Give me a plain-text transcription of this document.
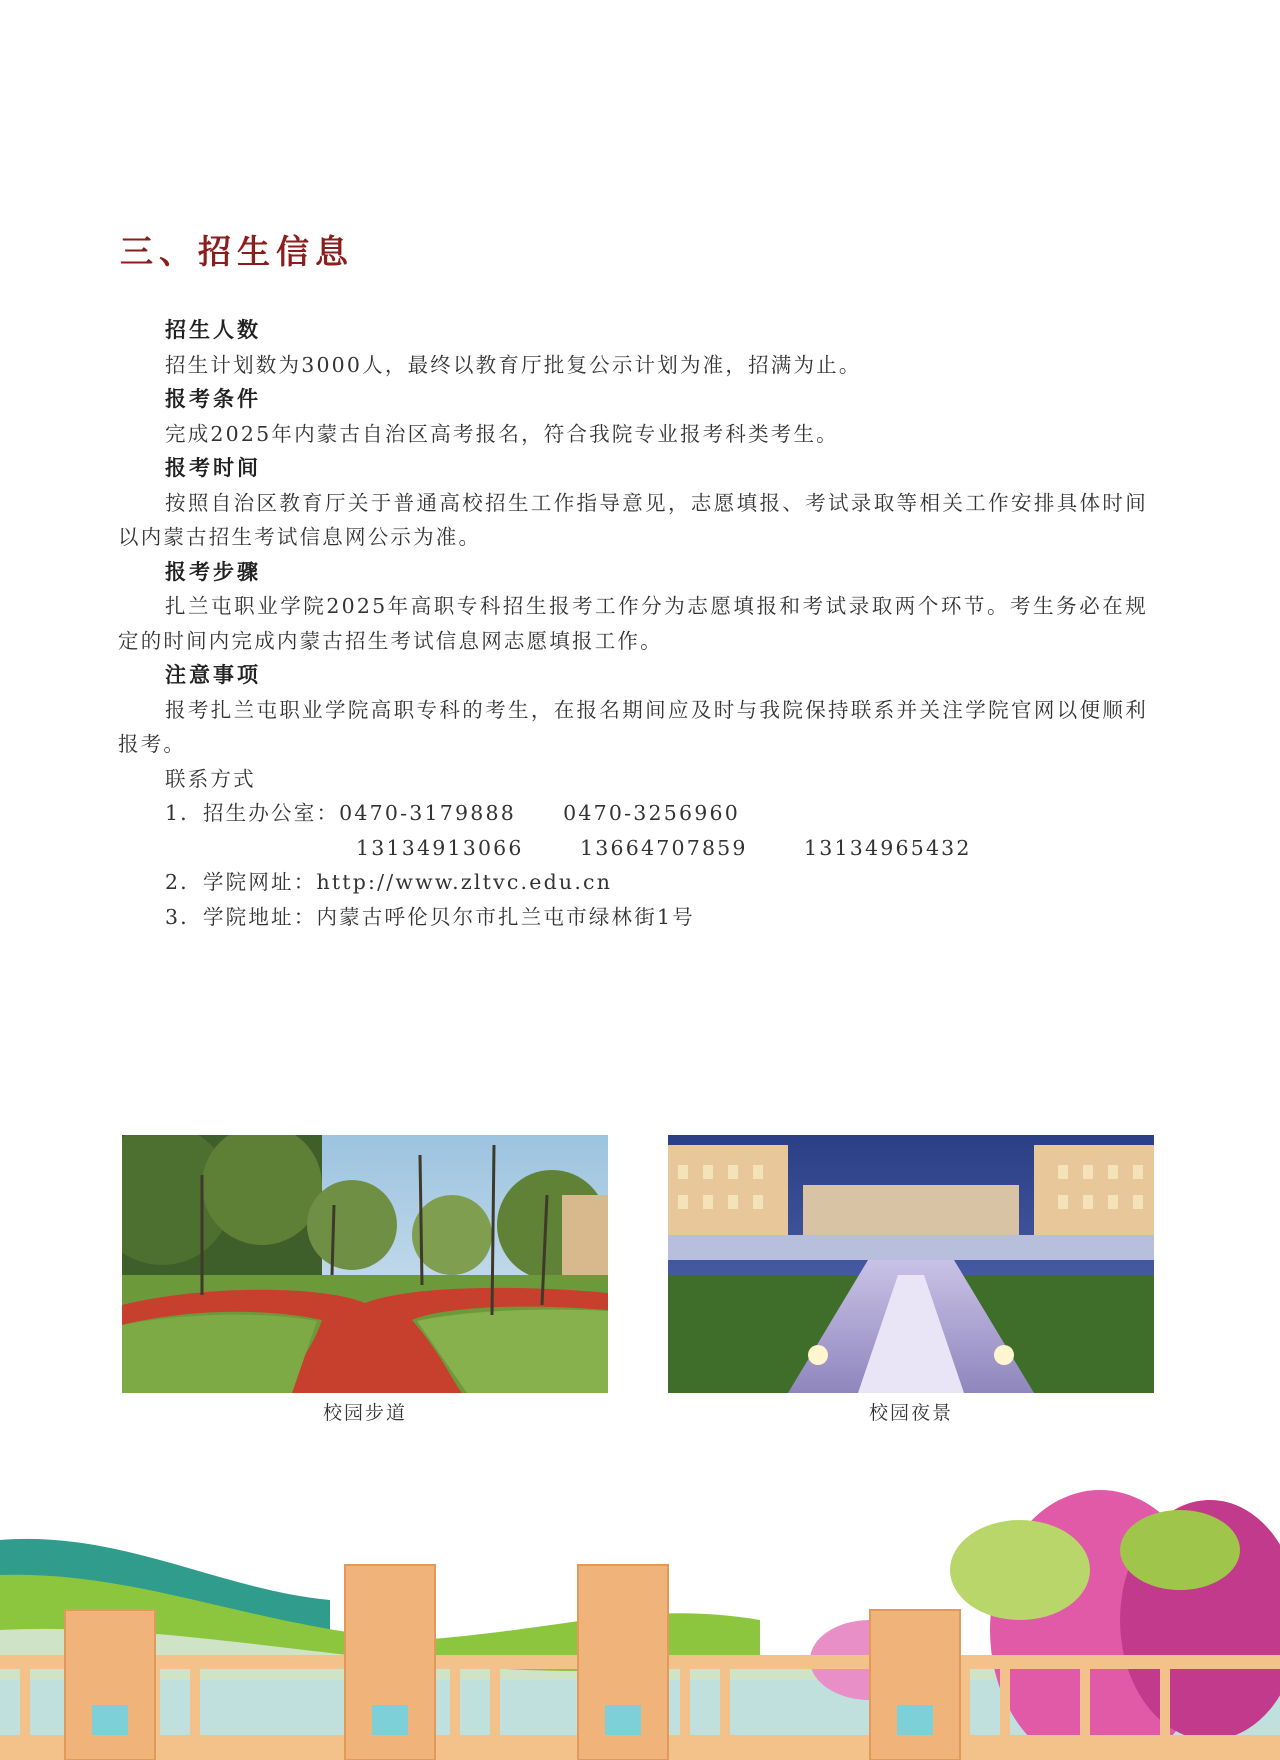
三、招生信息
招生人数

招生计划数为3000人，最终以教育厅批复公示计划为准，招满为止。

报考条件

完成2025年内蒙古自治区高考报名，符合我院专业报考科类考生。

报考时间

按照自治区教育厅关于普通高校招生工作指导意见，志愿填报、考试录取等相关工作安排具体时间以内蒙古招生考试信息网公示为准。

报考步骤

扎兰屯职业学院2025年高职专科招生报考工作分为志愿填报和考试录取两个环节。考生务必在规定的时间内完成内蒙古招生考试信息网志愿填报工作。

注意事项

报考扎兰屯职业学院高职专科的考生，在报名期间应及时与我院保持联系并关注学院官网以便顺利报考。

联系方式
1．招生办公室：0470-3179888 0470-3256960
13134913066	13664707859	13134965432
2．学院网址：http://www.zltvc.edu.cn
3．学院地址：内蒙古呼伦贝尔市扎兰屯市绿林街1号
校园步道	校园夜景
